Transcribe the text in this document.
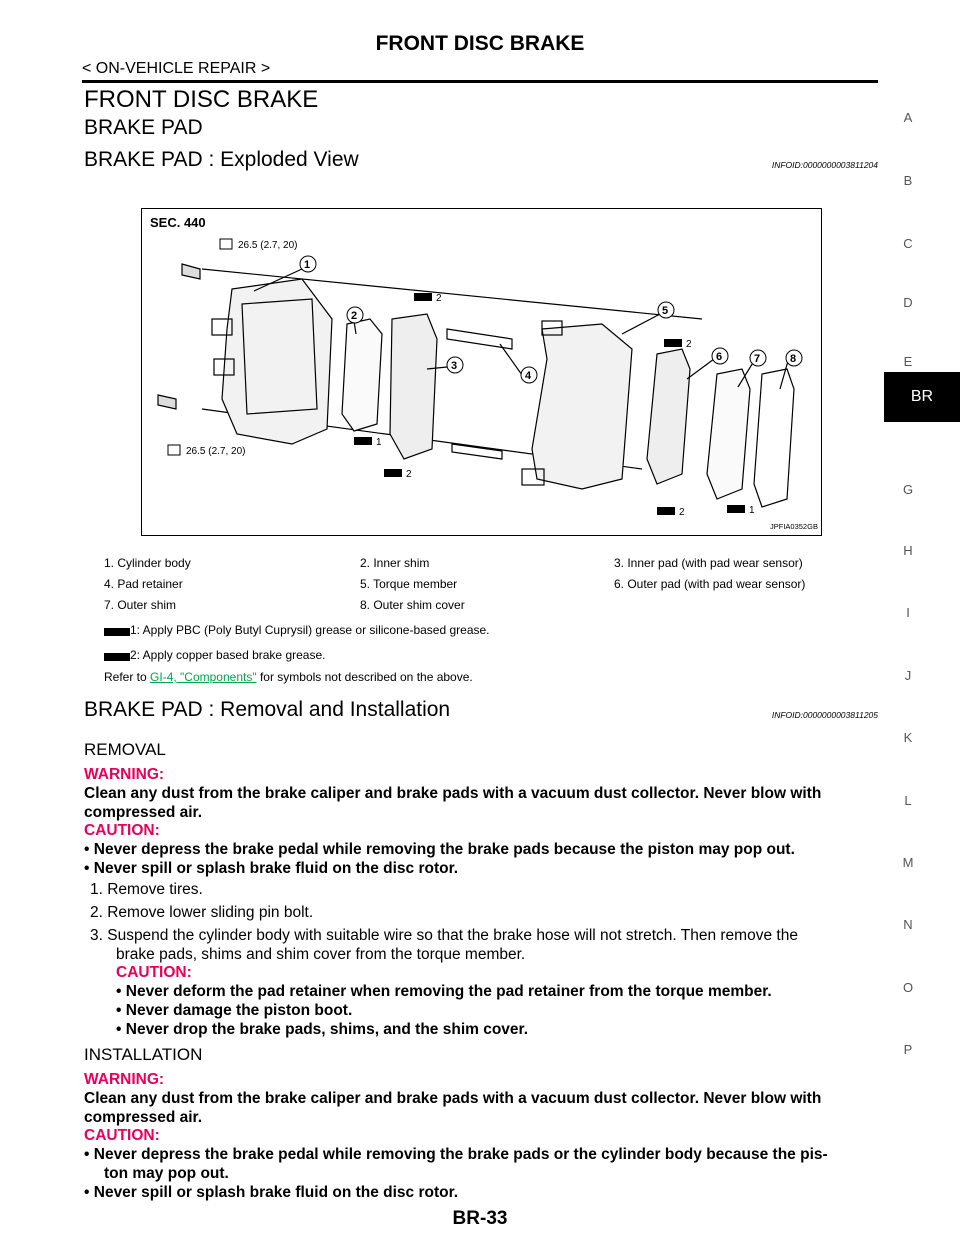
FRONT DISC BRAKE
< ON-VEHICLE REPAIR >
FRONT DISC BRAKE
BRAKE PAD
BRAKE PAD : Exploded View	INFOID:0000000003811204
SEC. 440
26.5 (2.7, 20)
26.5 (2.7, 20)
1
2
3
4
5
6	7	8
2
2
1
2
2	1
JPFIA0352GB
1. Cylinder body	2. Inner shim	3. Inner pad (with pad wear sensor)
4. Pad retainer	5. Torque member	6. Outer pad (with pad wear sensor)
7. Outer shim	8. Outer shim cover
1: Apply PBC (Poly Butyl Cuprysil) grease or silicone-based grease.
2: Apply copper based brake grease.
Refer to GI-4, "Components" for symbols not described on the above.
BRAKE PAD : Removal and Installation	INFOID:0000000003811205
REMOVAL
WARNING:
Clean any dust from the brake caliper and brake pads with a vacuum dust collector. Never blow with
compressed air.
CAUTION:
• Never depress the brake pedal while removing the brake pads because the piston may pop out.
• Never spill or splash brake fluid on the disc rotor.
1. Remove tires.
2. Remove lower sliding pin bolt.
3. Suspend the cylinder body with suitable wire so that the brake hose will not stretch. Then remove the
brake pads, shims and shim cover from the torque member.
CAUTION:
• Never deform the pad retainer when removing the pad retainer from the torque member.
• Never damage the piston boot.
• Never drop the brake pads, shims, and the shim cover.
INSTALLATION
WARNING:
Clean any dust from the brake caliper and brake pads with a vacuum dust collector. Never blow with
compressed air.
CAUTION:
• Never depress the brake pedal while removing the brake pads or the cylinder body because the pis-
ton may pop out.
• Never spill or splash brake fluid on the disc rotor.
A
B
C
D
E
BR
G
H
I
J
K
L
M
N
O
P
BR-33
